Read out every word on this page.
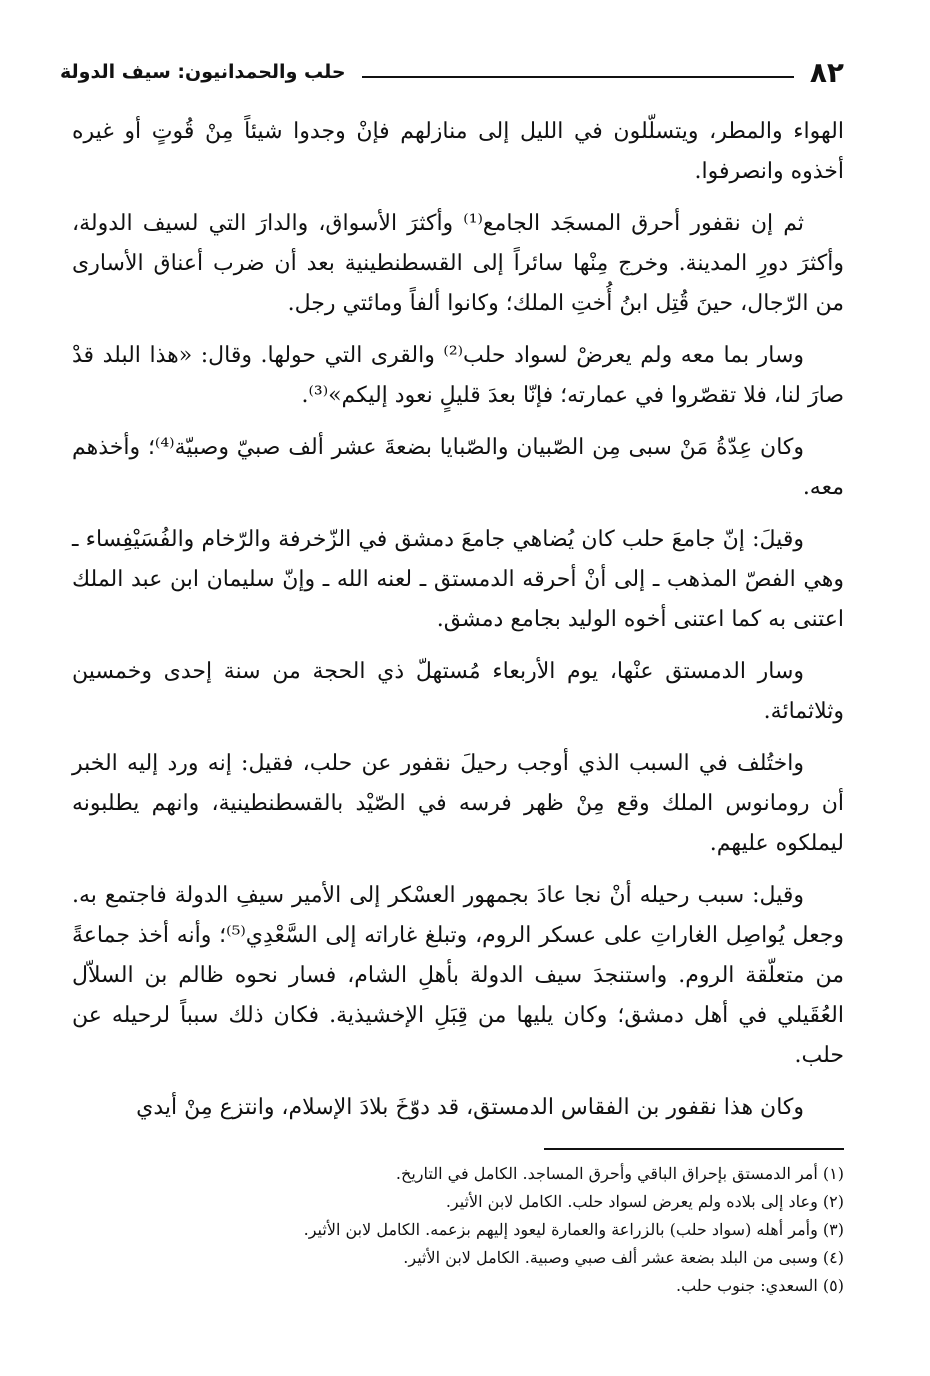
٨٢
حلب والحمدانيون: سيف الدولة

الهواء والمطر، ويتسلّلون في الليل إلى منازلهم فإنْ وجدوا شيئاً مِنْ قُوتٍ أو غيره أخذوه وانصرفوا.

ثم إن نقفور أحرق المسجَد الجامع⁽¹⁾ وأكثرَ الأسواق، والدارَ التي لسيف الدولة، وأكثرَ دورِ المدينة. وخرج مِنْها سائراً إلى القسطنطينية بعد أن ضرب أعناق الأسارى من الرّجال، حينَ قُتِل ابنُ أُختِ الملك؛ وكانوا ألفاً ومائتي رجل.

وسار بما معه ولم يعرضْ لسواد حلب⁽²⁾ والقرى التي حولها. وقال: «هذا البلد قدْ صارَ لنا، فلا تقصّروا في عمارته؛ فإنّا بعدَ قليلٍ نعود إليكم»⁽³⁾.

وكان عِدّةُ مَنْ سبى مِن الصّبيان والصّبايا بضعةَ عشر ألف صبيّ وصبيّة⁽⁴⁾؛ وأخذهم معه.

وقيلَ: إنّ جامعَ حلب كان يُضاهي جامعَ دمشق في الزّخرفة والرّخام والفُسَيْفِساء ـ وهي الفصّ المذهب ـ إلى أنْ أحرقه الدمستق ـ لعنه الله ـ وإنّ سليمان ابن عبد الملك اعتنى به كما اعتنى أخوه الوليد بجامع دمشق.

وسار الدمستق عنْها، يوم الأربعاء مُستهلّ ذي الحجة من سنة إحدى وخمسين وثلاثمائة.

واختُلف في السبب الذي أوجب رحيلَ نقفور عن حلب، فقيل: إنه ورد إليه الخبر أن رومانوس الملك وقع مِنْ ظهر فرسه في الصّيْد بالقسطنطينية، وانهم يطلبونه ليملكوه عليهم.

وقيل: سبب رحيله أنْ نجا عادَ بجمهور العسْكر إلى الأمير سيفِ الدولة فاجتمع به. وجعل يُواصِل الغاراتِ على عسكر الروم، وتبلغ غاراته إلى السَّعْدِي⁽⁵⁾؛ وأنه أخذ جماعةً من متعلّقة الروم. واستنجدَ سيف الدولة بأهلِ الشام، فسار نحوه ظالم بن السلاّل العُقَيلي في أهل دمشق؛ وكان يليها من قِبَلِ الإخشيذية. فكان ذلك سبباً لرحيله عن حلب.

وكان هذا نقفور بن الفقاس الدمستق، قد دوّخَ بلادَ الإسلام، وانتزع مِنْ أيدي

(١) أمر الدمستق بإحراق الباقي وأحرق المساجد. الكامل في التاريخ.

(٢) وعاد إلى بلاده ولم يعرض لسواد حلب. الكامل لابن الأثير.

(٣) وأمر أهله (سواد حلب) بالزراعة والعمارة ليعود إليهم بزعمه. الكامل لابن الأثير.

(٤) وسبى من البلد بضعة عشر ألف صبي وصبية. الكامل لابن الأثير.

(٥) السعدي: جنوب حلب.
